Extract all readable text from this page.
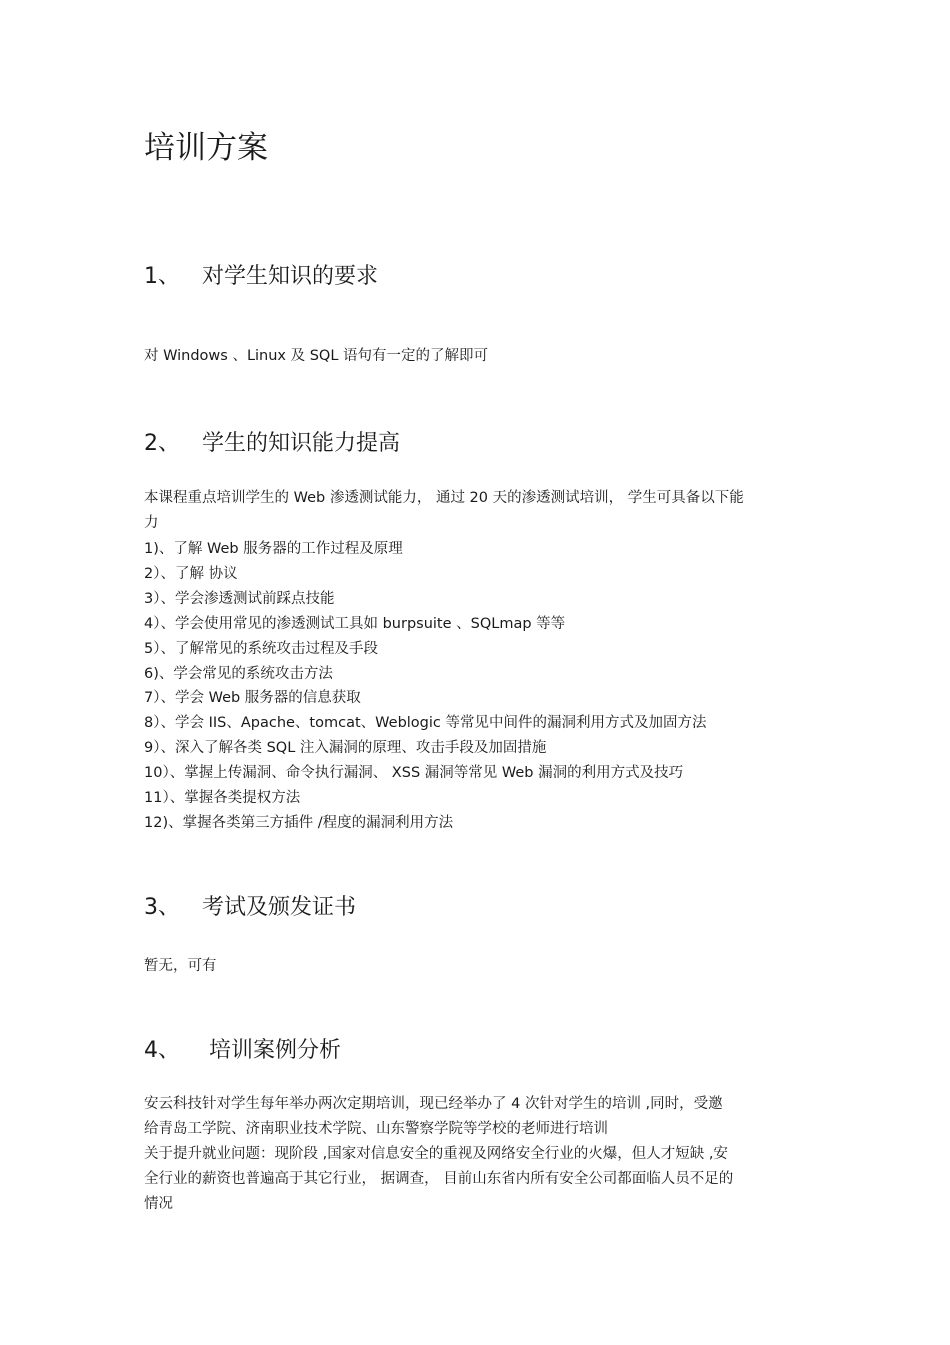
培训方案
1、 对学生知识的要求

对 Windows 、Linux 及 SQL 语句有一定的了解即可

2、 学生的知识能力提高

本课程重点培训学生的 Web 渗透测试能力， 通过 20 天的渗透测试培训， 学生可具备以下能

力

1)、了解 Web 服务器的工作过程及原理
2）、了解 协议
3）、学会渗透测试前踩点技能
4）、学会使用常见的渗透测试工具如 burpsuite 、SQLmap 等等
5）、了解常见的系统攻击过程及手段
6)、学会常见的系统攻击方法
7）、学会 Web 服务器的信息获取
8）、学会 IIS、Apache、tomcat、Weblogic 等常见中间件的漏洞利用方式及加固方法
9）、深入了解各类 SQL 注入漏洞的原理、攻击手段及加固措施
10）、掌握上传漏洞、命令执行漏洞、 XSS 漏洞等常见 Web 漏洞的利用方式及技巧
11）、掌握各类提权方法
12)、掌握各类第三方插件 /程度的漏洞利用方法
3、 考试及颁发证书

暂无，可有

4、 培训案例分析

安云科技针对学生每年举办两次定期培训，现已经举办了 4 次针对学生的培训 ,同时，受邀

给青岛工学院、济南职业技术学院、山东警察学院等学校的老师进行培训

关于提升就业问题：现阶段 ,国家对信息安全的重视及网络安全行业的火爆，但人才短缺 ,安

全行业的薪资也普遍高于其它行业， 据调查， 目前山东省内所有安全公司都面临人员不足的

情况
